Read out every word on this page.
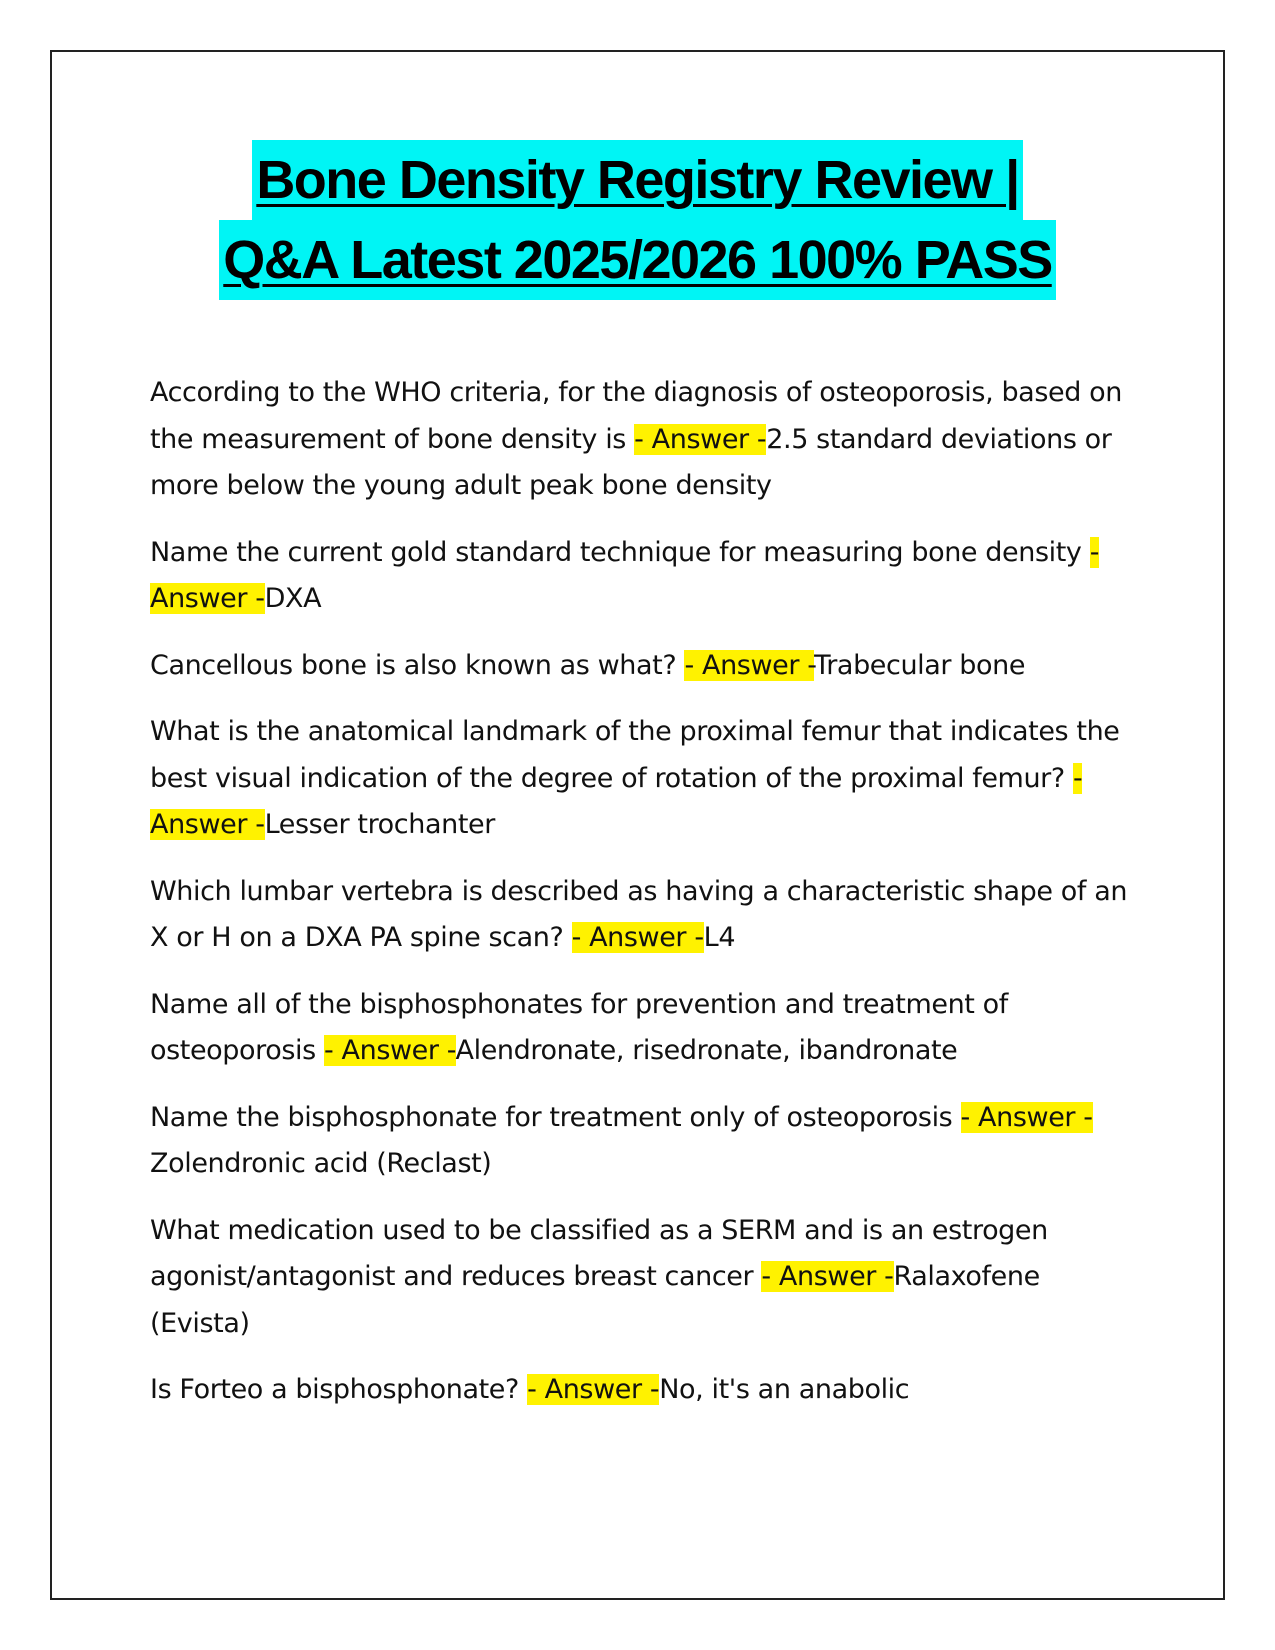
Bone Density Registry Review |
Q&A Latest 2025/2026 100% PASS

According to the WHO criteria, for the diagnosis of osteoporosis, based on the measurement of bone density is - Answer -2.5 standard deviations or more below the young adult peak bone density

Name the current gold standard technique for measuring bone density - Answer -DXA

Cancellous bone is also known as what? - Answer -Trabecular bone

What is the anatomical landmark of the proximal femur that indicates the best visual indication of the degree of rotation of the proximal femur? - Answer -Lesser trochanter

Which lumbar vertebra is described as having a characteristic shape of an X or H on a DXA PA spine scan? - Answer -L4

Name all of the bisphosphonates for prevention and treatment of osteoporosis - Answer -Alendronate, risedronate, ibandronate

Name the bisphosphonate for treatment only of osteoporosis - Answer -Zolendronic acid (Reclast)

What medication used to be classified as a SERM and is an estrogen agonist/antagonist and reduces breast cancer - Answer -Ralaxofene (Evista)

Is Forteo a bisphosphonate? - Answer -No, it's an anabolic
